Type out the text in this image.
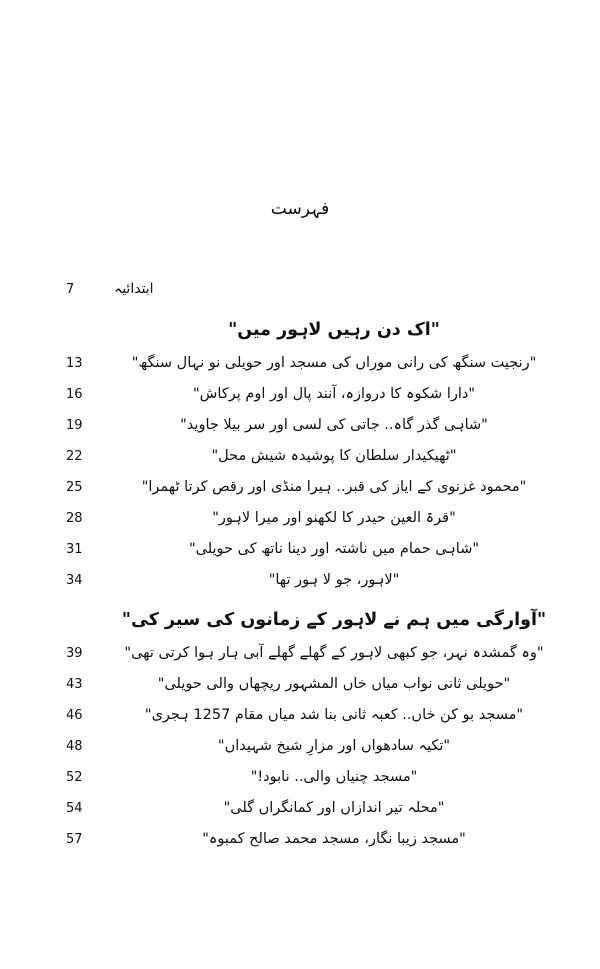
فہرست
ابتدائیہ
7
"اک دن رہیں لاہور میں"
"رنجیت سنگھ کی رانی موراں کی مسجد اور حویلی نو نہال سنگھ"
13
"دارا شکوہ کا دروازہ، آنند پال اور اوم پرکاش"
16
"شاہی گذر گاہ.. جاتی کی لسی اور سر بیلا جاوید"
19
"ٹھیکیدار سلطان کا پوشیدہ شیش محل"
22
"محمود غزنوی کے ایاز کی قبر.. ہیرا منڈی اور رقص کرتا ٹھمرا"
25
"قرۃ العین حیدر کا لکھنو اور میرا لاہور"
28
"شاہی حمام میں ناشتہ اور دینا ناتھ کی حویلی"
31
"لاہور، جو لا ہور تھا"
34
"آوارگی میں ہم نے لاہور کے زمانوں کی سیر کی"
"وہ گمشدہ نہر، جو کبھی لاہور کے گھلے گھلے آبی ہار ہوا کرتی تھی"
39
"حویلی ثانی نواب میاں خاں المشہور ریچھاں والی حویلی"
43
"مسجد بو کن خاں.. کعبہ ثانی بنا شد میاں مقام 1257 ہجری"
46
"تکیہ سادھواں اور مزارِ شیخ شہیداں"
48
"مسجد چنیاں والی.. نابود!"
52
"محلہ تیر اندازاں اور کمانگراں گلی"
54
"مسجد زیبا نگار، مسجد محمد صالح کمبوہ"
57
